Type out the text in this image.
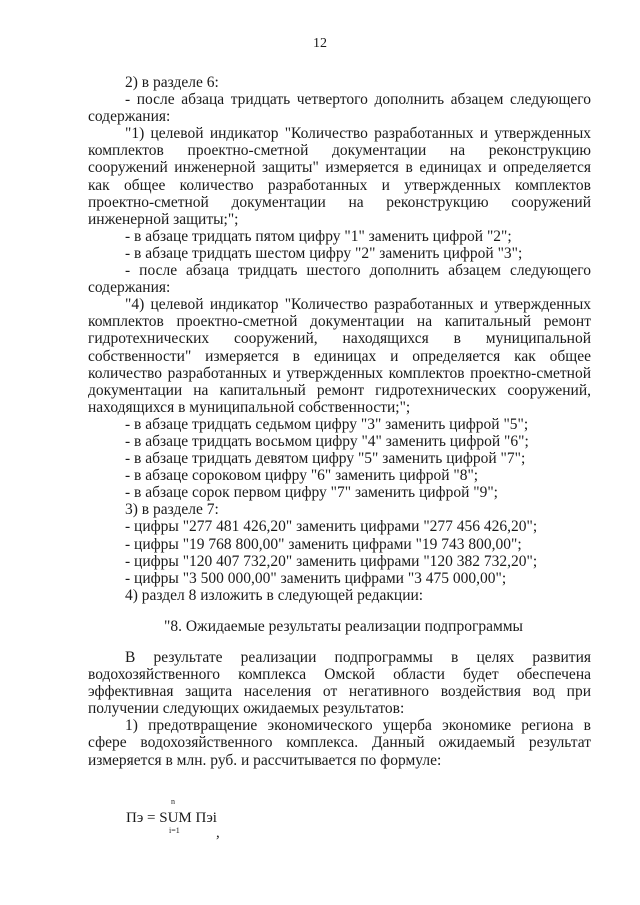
12

2) в разделе 6:

- после абзаца тридцать четвертого дополнить абзацем следующего содержания:

"1) целевой индикатор "Количество разработанных и утвержденных комплектов проектно-сметной документации на реконструкцию сооружений инженерной защиты" измеряется в единицах и определяется как общее количество разработанных и утвержденных комплектов проектно-сметной документации на реконструкцию сооружений инженерной защиты;";

- в абзаце тридцать пятом цифру "1" заменить цифрой "2";

- в абзаце тридцать шестом цифру "2" заменить цифрой "3";

- после абзаца тридцать шестого дополнить абзацем следующего содержания:

"4) целевой индикатор "Количество разработанных и утвержденных комплектов проектно-сметной документации на капитальный ремонт гидротехнических сооружений, находящихся в муниципальной собственности" измеряется в единицах и определяется как общее количество разработанных и утвержденных комплектов проектно-сметной документации на капитальный ремонт гидротехнических сооружений, находящихся в муниципальной собственности;";

- в абзаце тридцать седьмом цифру "3" заменить цифрой "5";

- в абзаце тридцать восьмом цифру "4" заменить цифрой "6";

- в абзаце тридцать девятом цифру "5" заменить цифрой "7";

- в абзаце сороковом цифру "6" заменить цифрой "8";

- в абзаце сорок первом цифру "7" заменить цифрой "9";

3) в разделе 7:

- цифры "277 481 426,20" заменить цифрами "277 456 426,20";

- цифры "19 768 800,00" заменить цифрами "19 743 800,00";

- цифры "120 407 732,20" заменить цифрами "120 382 732,20";

- цифры "3 500 000,00" заменить цифрами "3 475 000,00";

4) раздел 8 изложить в следующей редакции:

"8. Ожидаемые результаты реализации подпрограммы

В результате реализации подпрограммы в целях развития водохозяйственного комплекса Омской области будет обеспечена эффективная защита населения от негативного воздействия вод при получении следующих ожидаемых результатов:

1) предотвращение экономического ущерба экономике региона в сфере водохозяйственного комплекса. Данный ожидаемый результат измеряется в млн. руб. и рассчитывается по формуле:

n
Пэ = SUM Пэi
i=1 ,
